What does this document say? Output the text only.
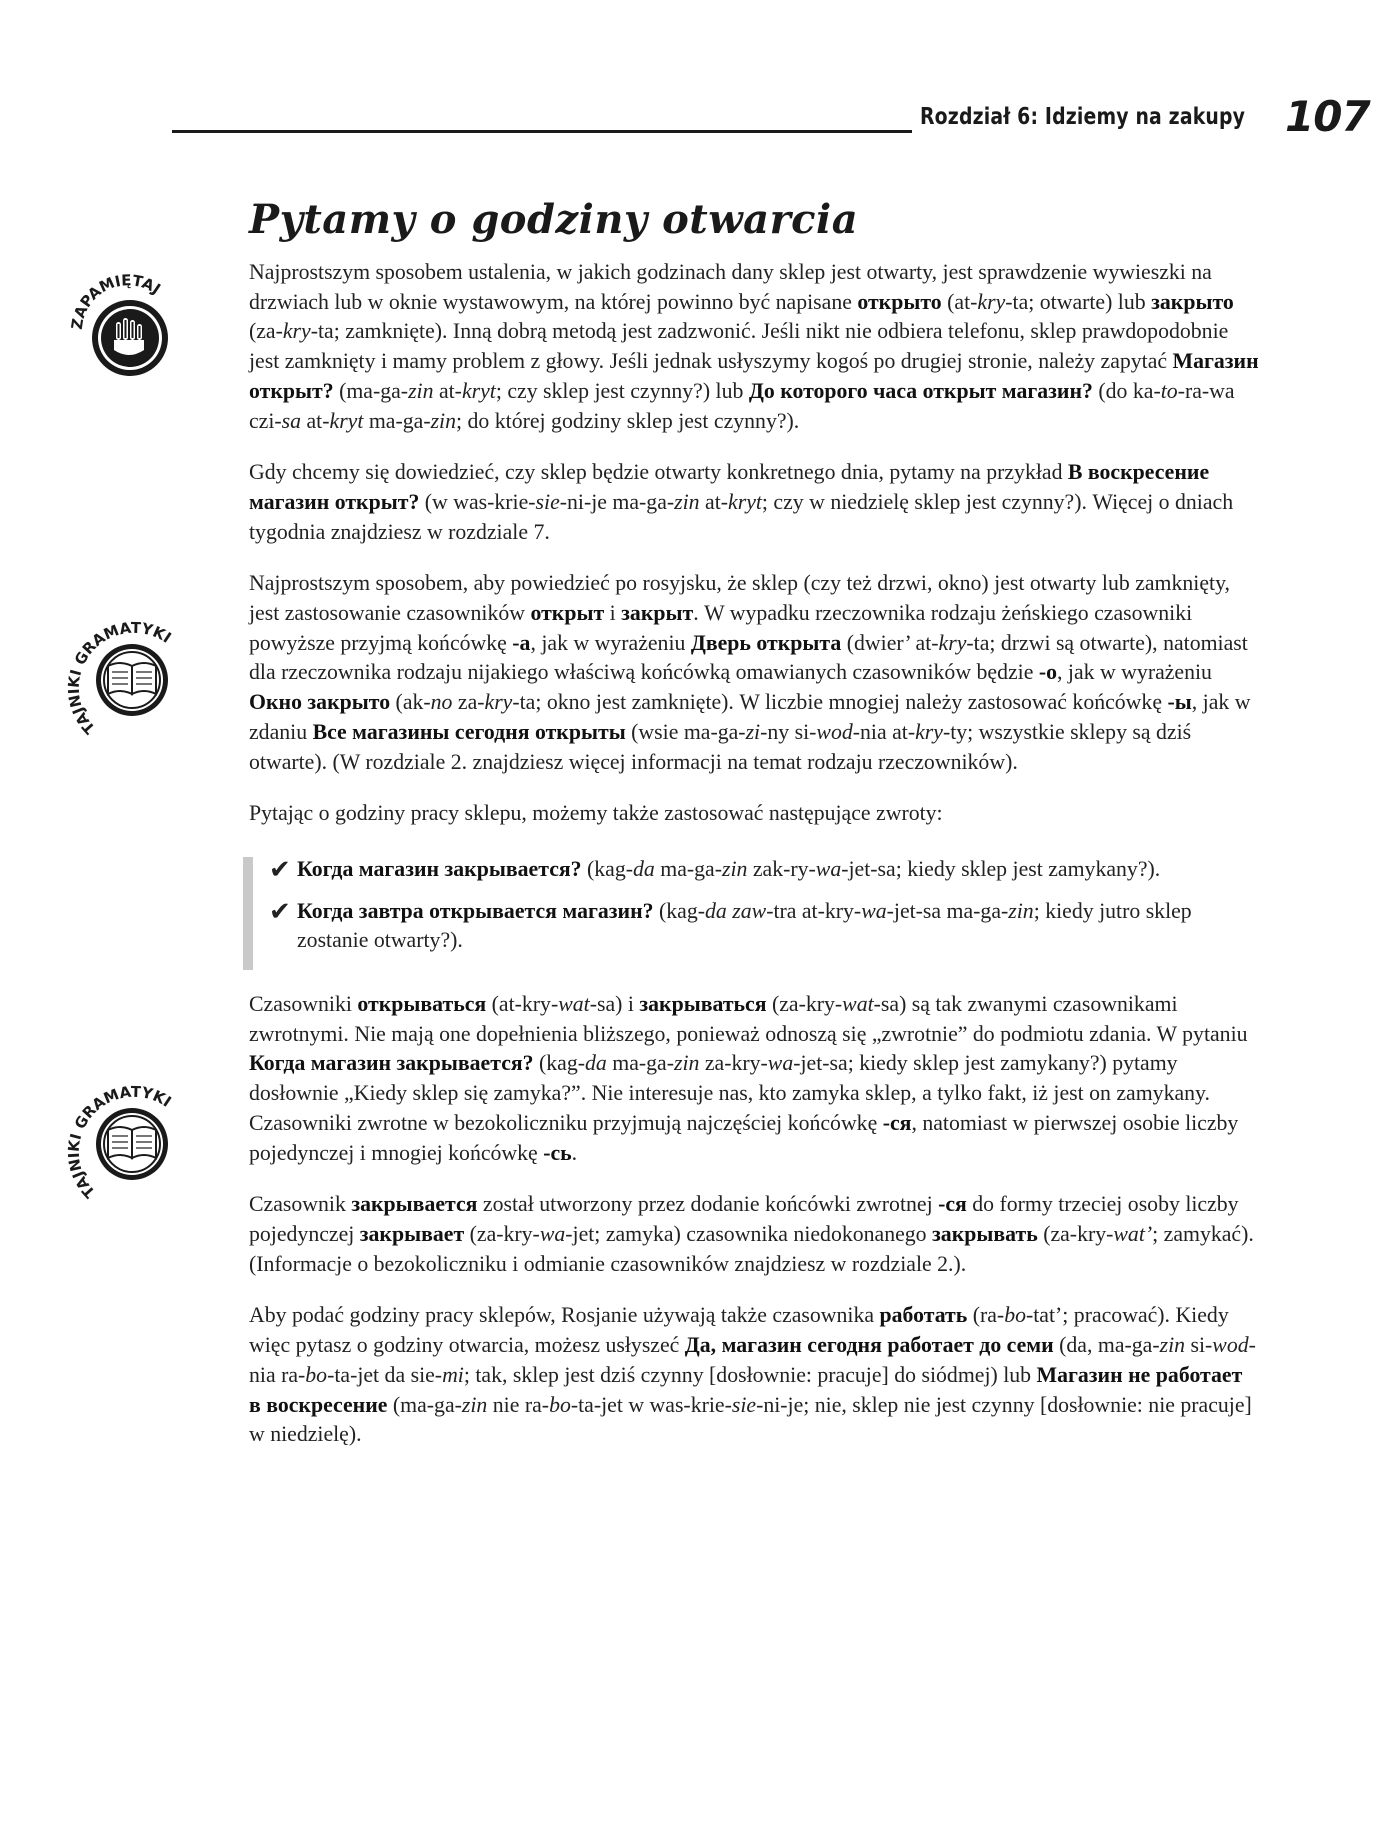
Rozdział 6: Idziemy na zakupy 107
Pytamy o godziny otwarcia
ZAPAMIĘTAJ
TAJNIKI GRAMATYKI
TAJNIKI GRAMATYKI

Najprostszym sposobem ustalenia, w jakich godzinach dany sklep jest otwarty, jest sprawdzenie wywieszki na drzwiach lub w oknie wystawowym, na której powinno być napisane открыто (at-kry-ta; otwarte) lub закрыто (za-kry-ta; zamknięte). Inną dobrą metodą jest zadzwonić. Jeśli nikt nie odbiera telefonu, sklep prawdopodobnie jest zamknięty i mamy problem z głowy. Jeśli jednak usłyszymy kogoś po drugiej stronie, należy zapytać Магазин открыт? (ma-ga-zin at-kryt; czy sklep jest czynny?) lub До которого часа открыт магазин? (do ka-to-ra-wa czi-sa at-kryt ma-ga-zin; do której godziny sklep jest czynny?).

Gdy chcemy się dowiedzieć, czy sklep będzie otwarty konkretnego dnia, pytamy na przykład В воскресение магазин открыт? (w was-krie-sie-ni-je ma-ga-zin at-kryt; czy w niedzielę sklep jest czynny?). Więcej o dniach tygodnia znajdziesz w rozdziale 7.

Najprostszym sposobem, aby powiedzieć po rosyjsku, że sklep (czy też drzwi, okno) jest otwarty lub zamknięty, jest zastosowanie czasowników открыт i закрыт. W wypadku rzeczownika rodzaju żeńskiego czasowniki powyższe przyjmą końcówkę -а, jak w wyrażeniu Дверь открыта (dwier’ at-kry-ta; drzwi są otwarte), natomiast dla rzeczownika rodzaju nijakiego właściwą końcówką omawianych czasowników będzie -о, jak w wyrażeniu Окно закрыто (ak-no za-kry-ta; okno jest zamknięte). W liczbie mnogiej należy zastosować końcówkę -ы, jak w zdaniu Все магазины сегодня открыты (wsie ma-ga-zi-ny si-wod-nia at-kry-ty; wszystkie sklepy są dziś otwarte). (W rozdziale 2. znajdziesz więcej informacji na temat rodzaju rzeczowników).

Pytając o godziny pracy sklepu, możemy także zastosować następujące zwroty:

✔ Когда магазин закрывается? (kag-da ma-ga-zin zak-ry-wa-jet-sa; kiedy sklep jest zamykany?).
✔ Когда завтра открывается магазин? (kag-da zaw-tra at-kry-wa-jet-sa ma-ga-zin; kiedy jutro sklep zostanie otwarty?).

Czasowniki открываться (at-kry-wat-sa) i закрываться (za-kry-wat-sa) są tak zwanymi czasownikami zwrotnymi. Nie mają one dopełnienia bliższego, ponieważ odnoszą się „zwrotnie” do podmiotu zdania. W pytaniu Когда магазин закрывается? (kag-da ma-ga-zin za-kry-wa-jet-sa; kiedy sklep jest zamykany?) pytamy dosłownie „Kiedy sklep się zamyka?”. Nie interesuje nas, kto zamyka sklep, a tylko fakt, iż jest on zamykany. Czasowniki zwrotne w bezokoliczniku przyjmują najczęściej końcówkę -ся, natomiast w pierwszej osobie liczby pojedynczej i mnogiej końcówkę -сь.

Czasownik закрывается został utworzony przez dodanie końcówki zwrotnej -ся do formy trzeciej osoby liczby pojedynczej закрывает (za-kry-wa-jet; zamyka) czasownika niedokonanego закрывать (za-kry-wat’; zamykać). (Informacje o bezokoliczniku i odmianie czasowników znajdziesz w rozdziale 2.).

Aby podać godziny pracy sklepów, Rosjanie używają także czasownika работать (ra-bo-tat’; pracować). Kiedy więc pytasz o godziny otwarcia, możesz usłyszeć Да, магазин сегодня работает до семи (da, ma-ga-zin si-wod-nia ra-bo-ta-jet da sie-mi; tak, sklep jest dziś czynny [dosłownie: pracuje] do siódmej) lub Магазин не работает в воскресение (ma-ga-zin nie ra-bo-ta-jet w was-krie-sie-ni-je; nie, sklep nie jest czynny [dosłownie: nie pracuje] w niedzielę).
